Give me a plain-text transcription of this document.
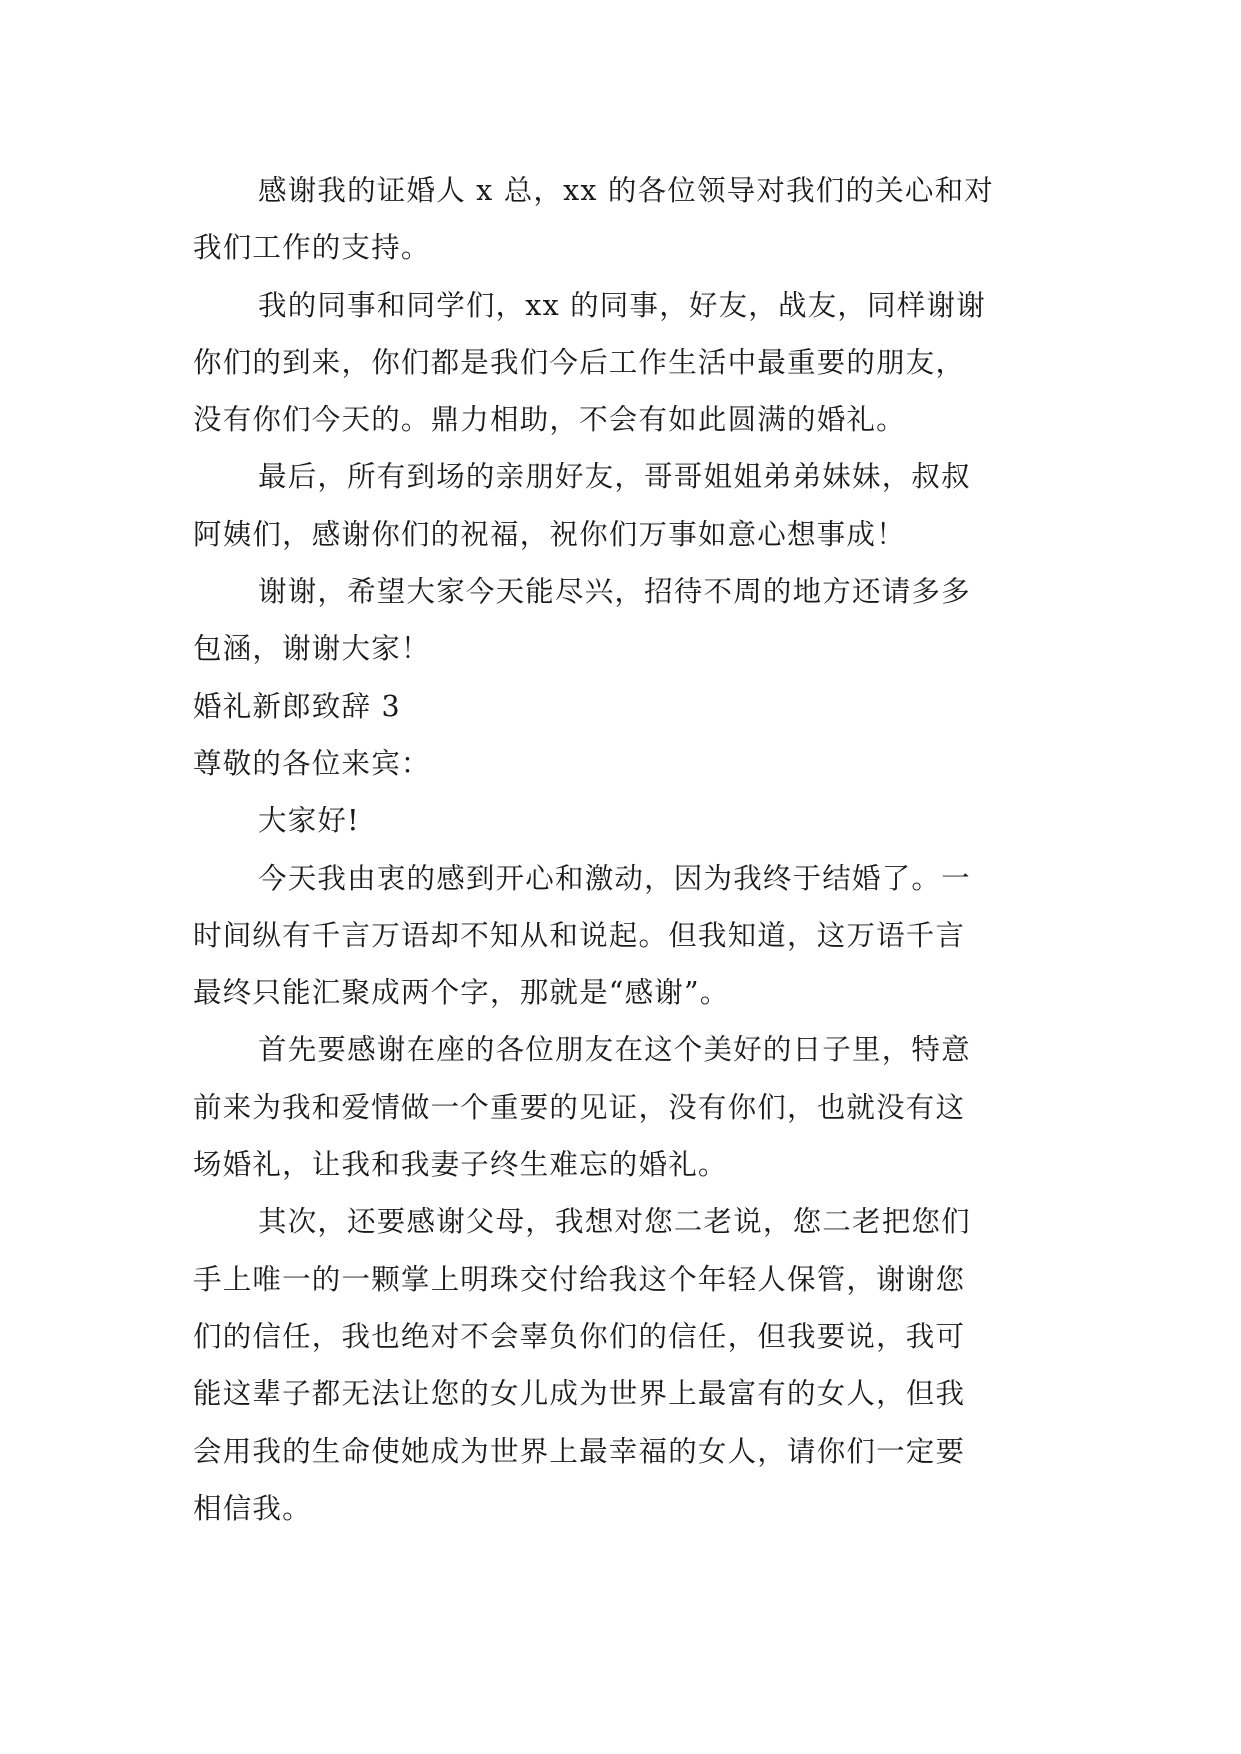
感谢我的证婚人 x 总，xx 的各位领导对我们的关心和对
我们工作的支持。
我的同事和同学们，xx 的同事，好友，战友，同样谢谢
你们的到来，你们都是我们今后工作生活中最重要的朋友，
没有你们今天的。鼎力相助，不会有如此圆满的婚礼。
最后，所有到场的亲朋好友，哥哥姐姐弟弟妹妹，叔叔
阿姨们，感谢你们的祝福，祝你们万事如意心想事成！
谢谢，希望大家今天能尽兴，招待不周的地方还请多多
包涵，谢谢大家！
婚礼新郎致辞 3
尊敬的各位来宾：
大家好!
今天我由衷的感到开心和激动，因为我终于结婚了。一
时间纵有千言万语却不知从和说起。但我知道，这万语千言
最终只能汇聚成两个字，那就是“感谢”。
首先要感谢在座的各位朋友在这个美好的日子里，特意
前来为我和爱情做一个重要的见证，没有你们，也就没有这
场婚礼，让我和我妻子终生难忘的婚礼。
其次，还要感谢父母，我想对您二老说，您二老把您们
手上唯一的一颗掌上明珠交付给我这个年轻人保管，谢谢您
们的信任，我也绝对不会辜负你们的信任，但我要说，我可
能这辈子都无法让您的女儿成为世界上最富有的女人，但我
会用我的生命使她成为世界上最幸福的女人，请你们一定要
相信我。
